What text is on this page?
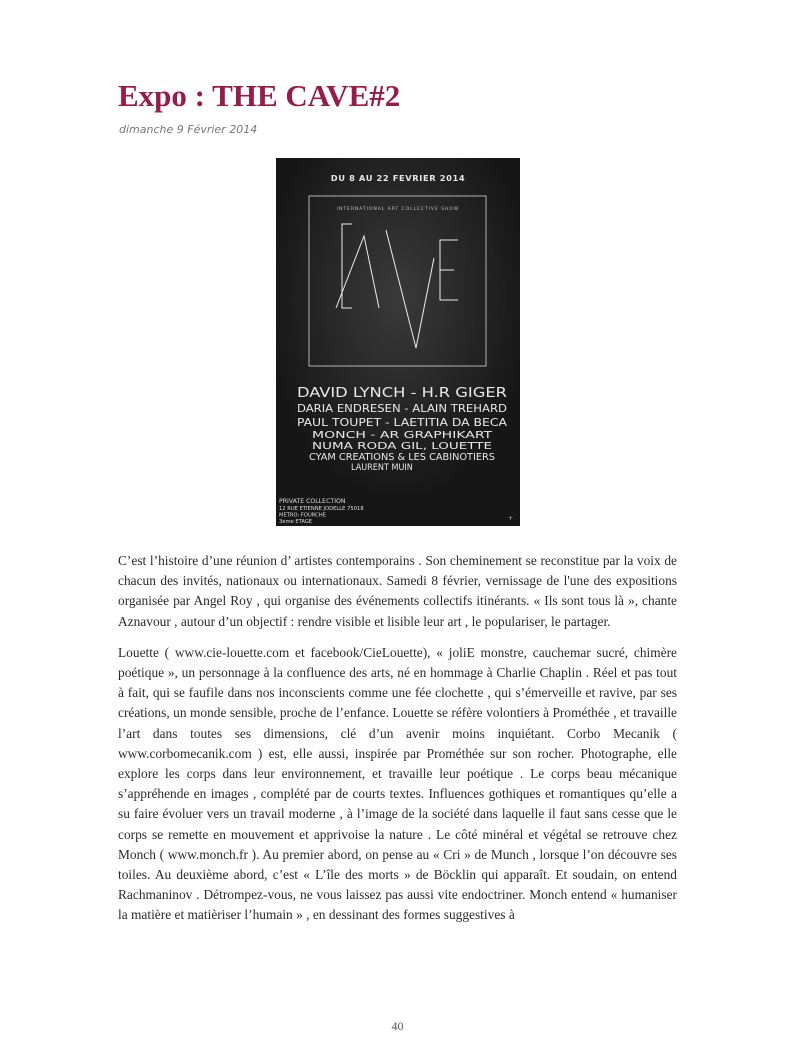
Expo : THE CAVE#2
dimanche 9 Février 2014
DU 8 AU 22 FEVRIER 2014
INTERNATIONAL ART COLLECTIVE SHOW
DAVID LYNCH - H.R GIGER
DARIA ENDRESEN - ALAIN TREHARD
PAUL TOUPET - LAETITIA DA BECA
MONCH - AR GRAPHIKART
NUMA RODA GIL, LOUETTE
CYAM CREATIONS & LES CABINOTIERS
LAURENT MUIN
PRIVATE COLLECTION
12 RUE ETIENNE JODELLE 75018
METRO: FOURCHE
3eme ETAGE	+

C’est l’histoire d’une réunion d’ artistes contemporains . Son cheminement se reconstitue par la voix de chacun des invités, nationaux ou internationaux. Samedi 8 février, vernissage de l'une des expositions organisée par Angel Roy , qui organise des événements collectifs itinérants. « Ils sont tous là », chante Aznavour , autour d’un objectif : rendre visible et lisible leur art , le populariser, le partager.

Louette ( www.cie-louette.com et facebook/CieLouette), « joliE monstre, cauchemar sucré, chimère poétique », un personnage à la confluence des arts, né en hommage à Charlie Chaplin . Réel et pas tout à fait, qui se faufile dans nos inconscients comme une fée clochette , qui s’émerveille et ravive, par ses créations, un monde sensible, proche de l’enfance. Louette se réfère volontiers à Prométhée , et travaille l’art dans toutes ses dimensions, clé d’un avenir moins inquiétant. Corbo Mecanik ( www.corbomecanik.com ) est, elle aussi, inspirée par Prométhée sur son rocher. Photographe, elle explore les corps dans leur environnement, et travaille leur poétique . Le corps beau mécanique s’appréhende en images , complété par de courts textes. Influences gothiques et romantiques qu’elle a su faire évoluer vers un travail moderne , à l’image de la société dans laquelle il faut sans cesse que le corps se remette en mouvement et apprivoise la nature . Le côté minéral et végétal se retrouve chez Monch ( www.monch.fr ). Au premier abord, on pense au « Cri » de Munch , lorsque l’on découvre ses toiles. Au deuxième abord, c’est « L’île des morts » de Böcklin qui apparaît. Et soudain, on entend Rachmaninov . Détrompez-vous, ne vous laissez pas aussi vite endoctriner. Monch entend « humaniser la matière et matièriser l’humain » , en dessinant des formes suggestives à

40
